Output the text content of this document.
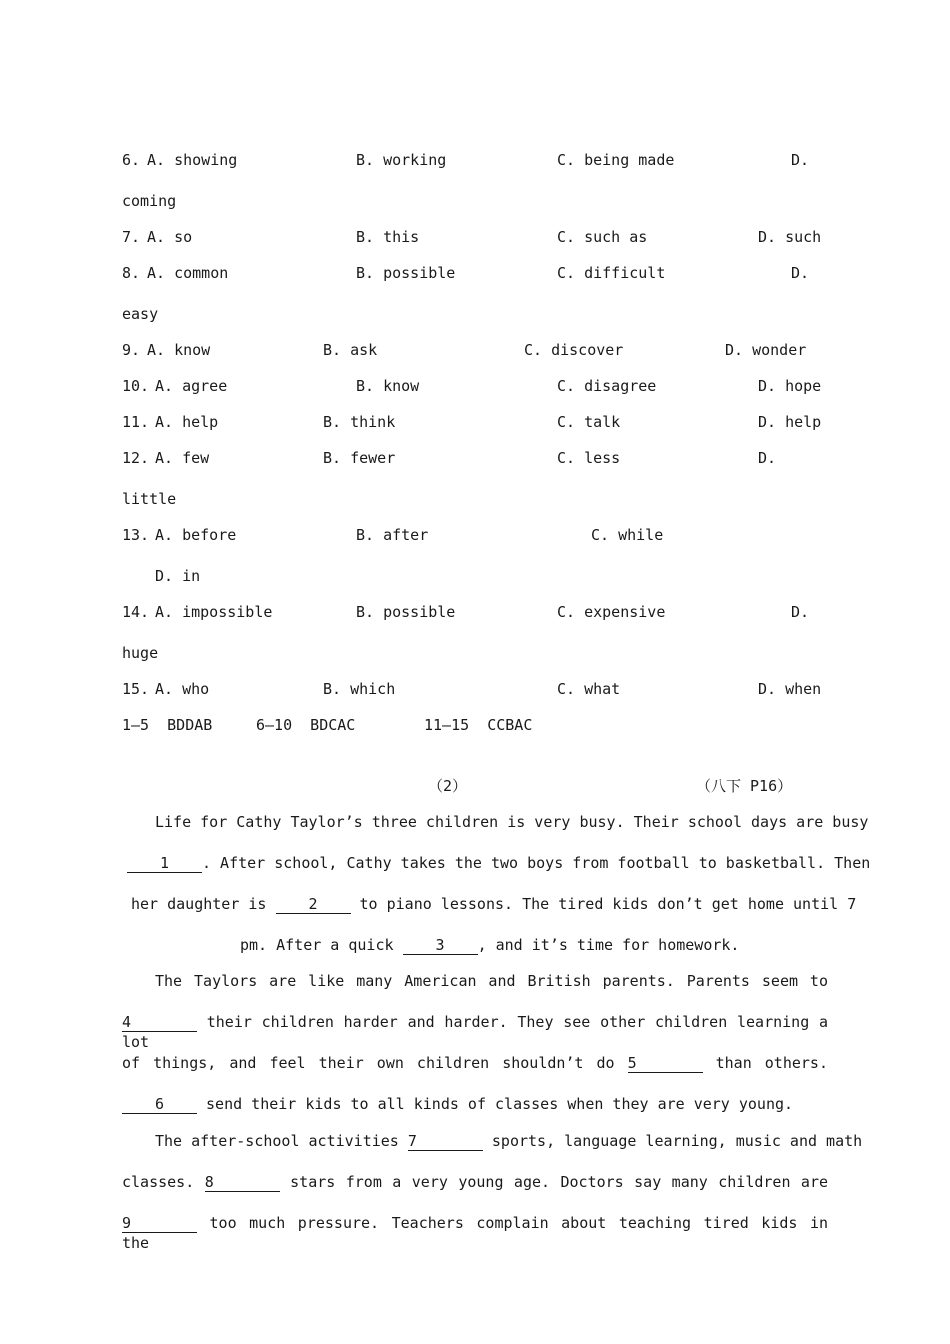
6. A. showing	B. working	C. being made	D.
coming
7. A. so	B. this	C. such as	D. such
8. A. common	B. possible	C. difficult	D.
easy
9. A. know	B. ask	C. discover	D. wonder
10. A. agree	B. know	C. disagree	D. hope
11. A. help	B. think	C. talk	D. help
12. A. few	B. fewer	C. less	D.
little
13. A. before	B. after	C. while
D. in
14. A. impossible	B. possible	C. expensive	D.
huge
15. A. who	B. which	C. what	D. when
1—5  BDDAB	6—10  BDCAC	11—15  CCBAC
（2）	（八下 P16）
Life for Cathy Taylor’s three children is very busy. Their school days are busy
1 . After school, Cathy takes the two boys from football to basketball. Then
her daughter is	2	to piano lessons. The tired kids don’t get home until 7
pm. After a quick	3 , and it’s time for homework.
The Taylors are like many American and British parents. Parents seem to
4	their children harder and harder. They see other children learning a lot
of things, and feel their own children shouldn’t do 5	than others.
6	send their kids to all kinds of classes when they are very young.
The after-school activities 7	sports, language learning, music and math
classes. 8	stars from a very young age. Doctors say many children are
9	too much pressure. Teachers complain about teaching tired kids in the
